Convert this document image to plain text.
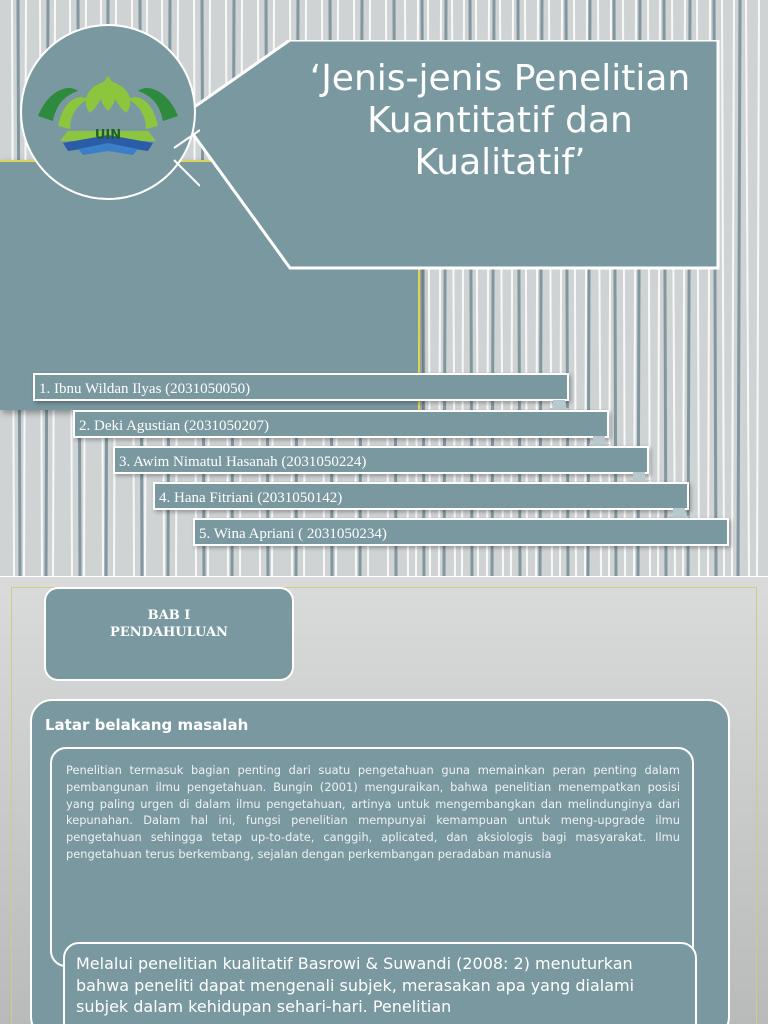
‘Jenis-jenis Penelitian Kuantitatif dan Kualitatif’
UIN
1. Ibnu Wildan Ilyas (2031050050)
2. Deki Agustian (2031050207)
3. Awim Nimatul Hasanah (2031050224)
4. Hana Fitriani (2031050142)
5. Wina Apriani ( 2031050234)
BAB I
PENDAHULUAN
Latar belakang masalah
Penelitian termasuk bagian penting dari suatu pengetahuan guna memainkan peran penting dalam pembangunan ilmu pengetahuan. Bungin (2001) menguraikan, bahwa penelitian menempatkan posisi yang paling urgen di dalam ilmu pengetahuan, artinya untuk mengembangkan dan melindunginya dari kepunahan. Dalam hal ini, fungsi penelitian mempunyai kemampuan untuk meng-upgrade ilmu pengetahuan sehingga tetap up-to-date, canggih, aplicated, dan aksiologis bagi masyarakat. Ilmu pengetahuan terus berkembang, sejalan dengan perkembangan peradaban manusia
Melalui penelitian kualitatif Basrowi & Suwandi (2008: 2) menuturkan bahwa peneliti dapat mengenali subjek, merasakan apa yang dialami subjek dalam kehidupan sehari-hari. Penelitian
